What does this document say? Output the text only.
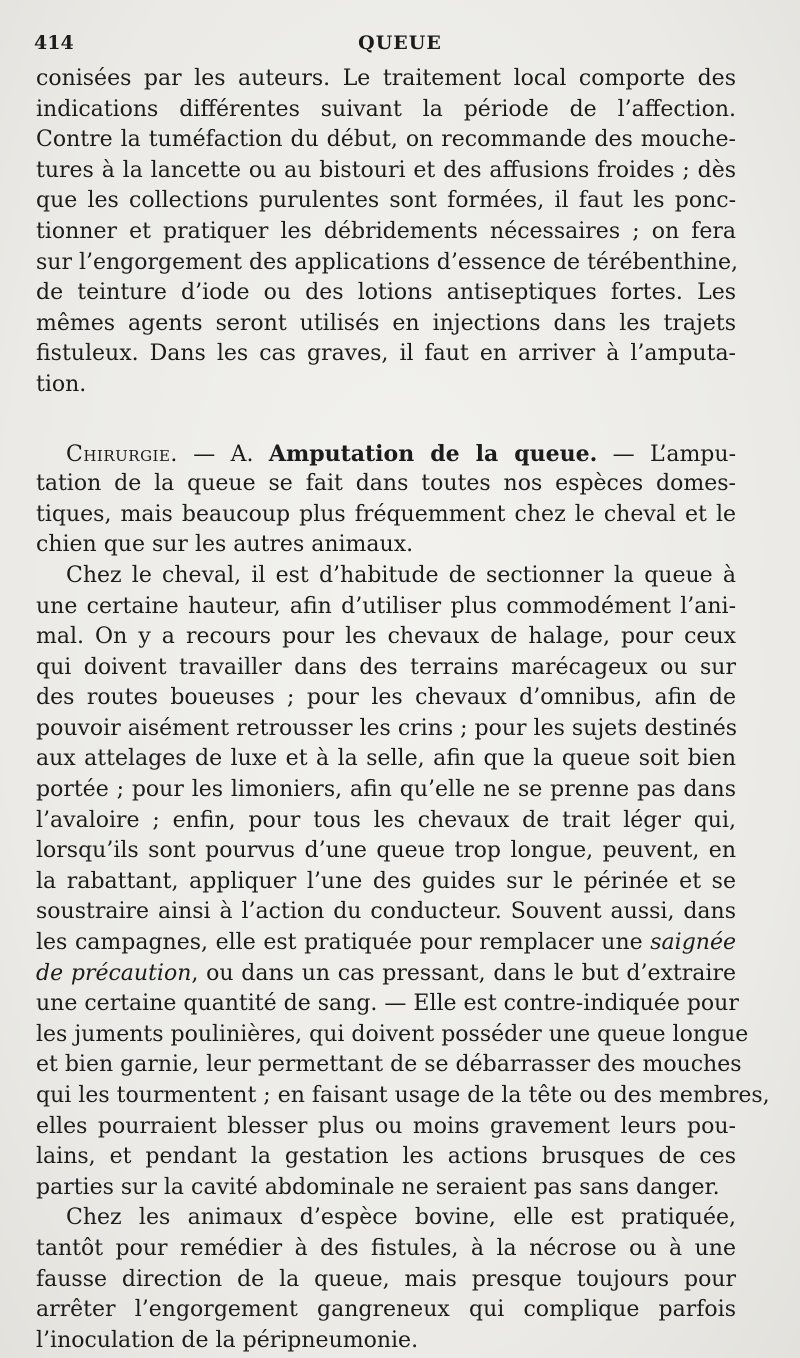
414	QUEUE
conisées par les auteurs. Le traitement local comporte des
indications différentes suivant la période de l’affection.
Contre la tuméfaction du début, on recommande des mouche-
tures à la lancette ou au bistouri et des affusions froides ; dès
que les collections purulentes sont formées, il faut les ponc-
tionner et pratiquer les débridements nécessaires ; on fera
sur l’engorgement des applications d’essence de térébenthine,
de teinture d’iode ou des lotions antiseptiques fortes. Les
mêmes agents seront utilisés en injections dans les trajets
fistuleux. Dans les cas graves, il faut en arriver à l’amputa-
tion.
Chirurgie. — A. Amputation de la queue. — L’ampu-
tation de la queue se fait dans toutes nos espèces domes-
tiques, mais beaucoup plus fréquemment chez le cheval et le
chien que sur les autres animaux.
Chez le cheval, il est d’habitude de sectionner la queue à
une certaine hauteur, afin d’utiliser plus commodément l’ani-
mal. On y a recours pour les chevaux de halage, pour ceux
qui doivent travailler dans des terrains marécageux ou sur
des routes boueuses ; pour les chevaux d’omnibus, afin de
pouvoir aisément retrousser les crins ; pour les sujets destinés
aux attelages de luxe et à la selle, afin que la queue soit bien
portée ; pour les limoniers, afin qu’elle ne se prenne pas dans
l’avaloire ; enfin, pour tous les chevaux de trait léger qui,
lorsqu’ils sont pourvus d’une queue trop longue, peuvent, en
la rabattant, appliquer l’une des guides sur le périnée et se
soustraire ainsi à l’action du conducteur. Souvent aussi, dans
les campagnes, elle est pratiquée pour remplacer une saignée
de précaution, ou dans un cas pressant, dans le but d’extraire
une certaine quantité de sang. — Elle est contre-indiquée pour
les juments poulinières, qui doivent posséder une queue longue
et bien garnie, leur permettant de se débarrasser des mouches
qui les tourmentent ; en faisant usage de la tête ou des membres,
elles pourraient blesser plus ou moins gravement leurs pou-
lains, et pendant la gestation les actions brusques de ces
parties sur la cavité abdominale ne seraient pas sans danger.
Chez les animaux d’espèce bovine, elle est pratiquée,
tantôt pour remédier à des fistules, à la nécrose ou à une
fausse direction de la queue, mais presque toujours pour
arrêter l’engorgement gangreneux qui complique parfois
l’inoculation de la péripneumonie.
